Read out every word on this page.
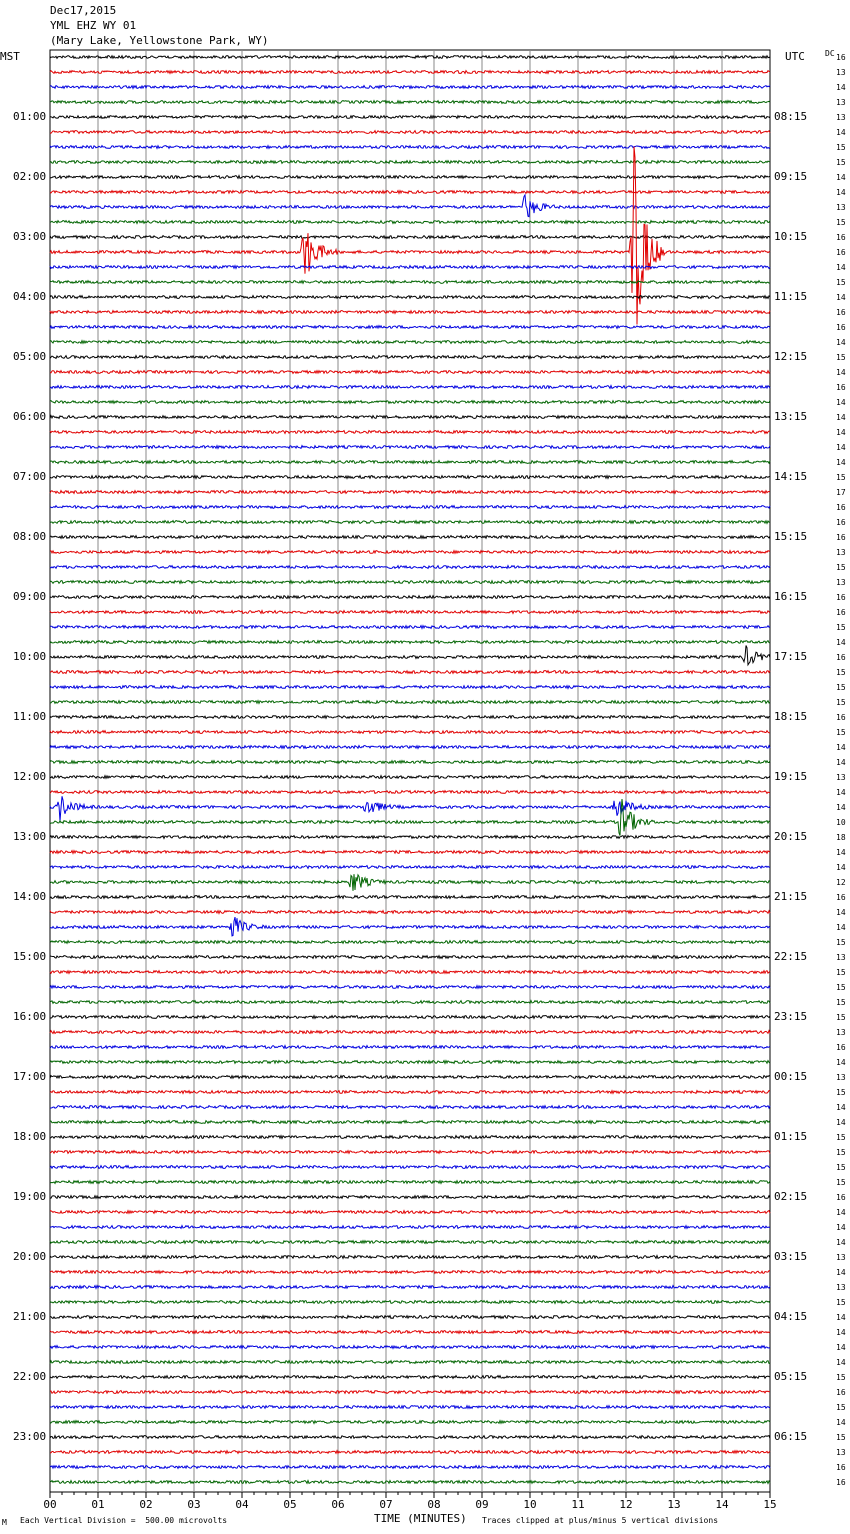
Dec17,2015
YML EHZ WY 01
(Mary Lake, Yellowstone Park, WY)
MST	UTC	DC
00	01	02	03	04	05	06	07	08	09	10	11	12	13	14	15
16
13
14
13
13
14
15
15
14
14
13
15
16
16
14
15
14
16
16
14
15
14
16
14
14
14
14
14
15
17
16
16
16
13
15
13
16
16
15
14
16
15
15
15
16
15
14
14
13
14
14
10
18
14
14
12
16
14
14
15
13
15
15
15
15
13
16
14
13
15
14
14
15
15
15
15
16
14
14
14
13
14
13
15
14
14
14
14
15
16
15
14
15
13
16
16
01:00
02:00
03:00
04:00
05:00
06:00
07:00
08:00
09:00
10:00
11:00
12:00
13:00
14:00
15:00
16:00
17:00
18:00
19:00
20:00
21:00
22:00
23:00
08:15
09:15
10:15
11:15
12:15
13:15
14:15
15:15
16:15
17:15
18:15
19:15
20:15
21:15
22:15
23:15
00:15
01:15
02:15
03:15
04:15
05:15
06:15
M Each Vertical Division =  500.00 microvolts	TIME (MINUTES) Traces clipped at plus/minus 5 vertical divisions
